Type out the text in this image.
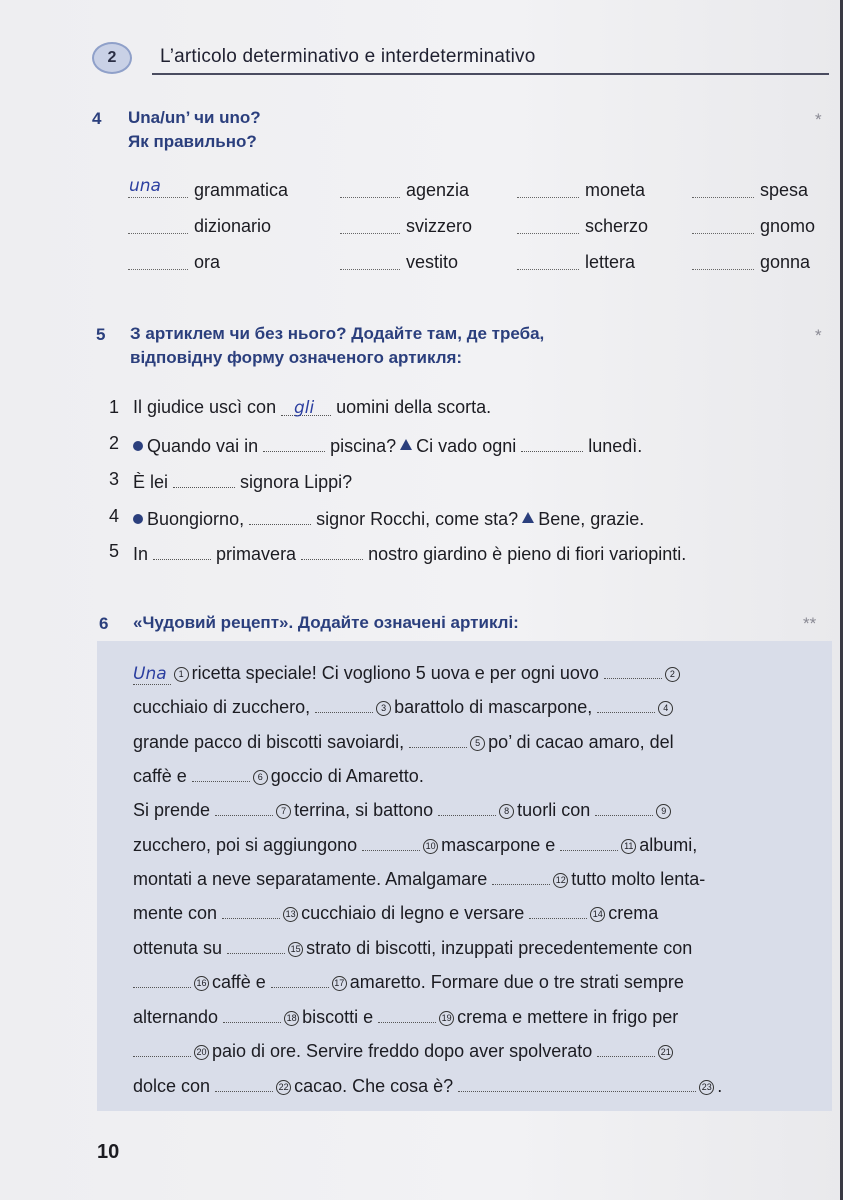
2 L’articolo determinativo e interdeterminativo
4 Una/un’ чи uno?
Як правильно?
*
una grammatica	agenzia	moneta	spesa
dizionario	svizzero	scherzo	gnomo
ora	vestito	lettera	gonna
5 З артиклем чи без нього? Додайте там, де треба,
відповідну форму означеного артикля:
*
1 Il giudice uscì con gli uomini della scorta.
2	Quando vai in	piscina? Ci vado ogni	lunedì.
3 È lei	signora Lippi?
4	Buongiorno,	signor Rocchi, come sta? Bene, grazie.
5 In	primavera	nostro giardino è pieno di fiori variopinti.
6 «Чудовий рецепт». Додайте означені артиклі:	**
Una 1 ricetta speciale! Ci vogliono 5 uova e per ogni uovo	2
cucchiaio di zucchero,	3 barattolo di mascarpone,	4
grande pacco di biscotti savoiardi,	5 po’ di cacao amaro, del
caffè e	6 goccio di Amaretto.
Si prende	7 terrina, si battono	8 tuorli con	9
zucchero, poi si aggiungono	10 mascarpone e	11 albumi,
montati a neve separatamente. Amalgamare	12 tutto molto lenta-
mente con	13 cucchiaio di legno e versare	14 crema
ottenuta su	15 strato di biscotti, inzuppati precedentemente con
16 caffè e	17 amaretto. Formare due o tre strati sempre
alternando	18 biscotti e	19 crema e mettere in frigo per
20 paio di ore. Servire freddo dopo aver spolverato	21
dolce con	22 cacao. Che cosa è?	23 .
10
